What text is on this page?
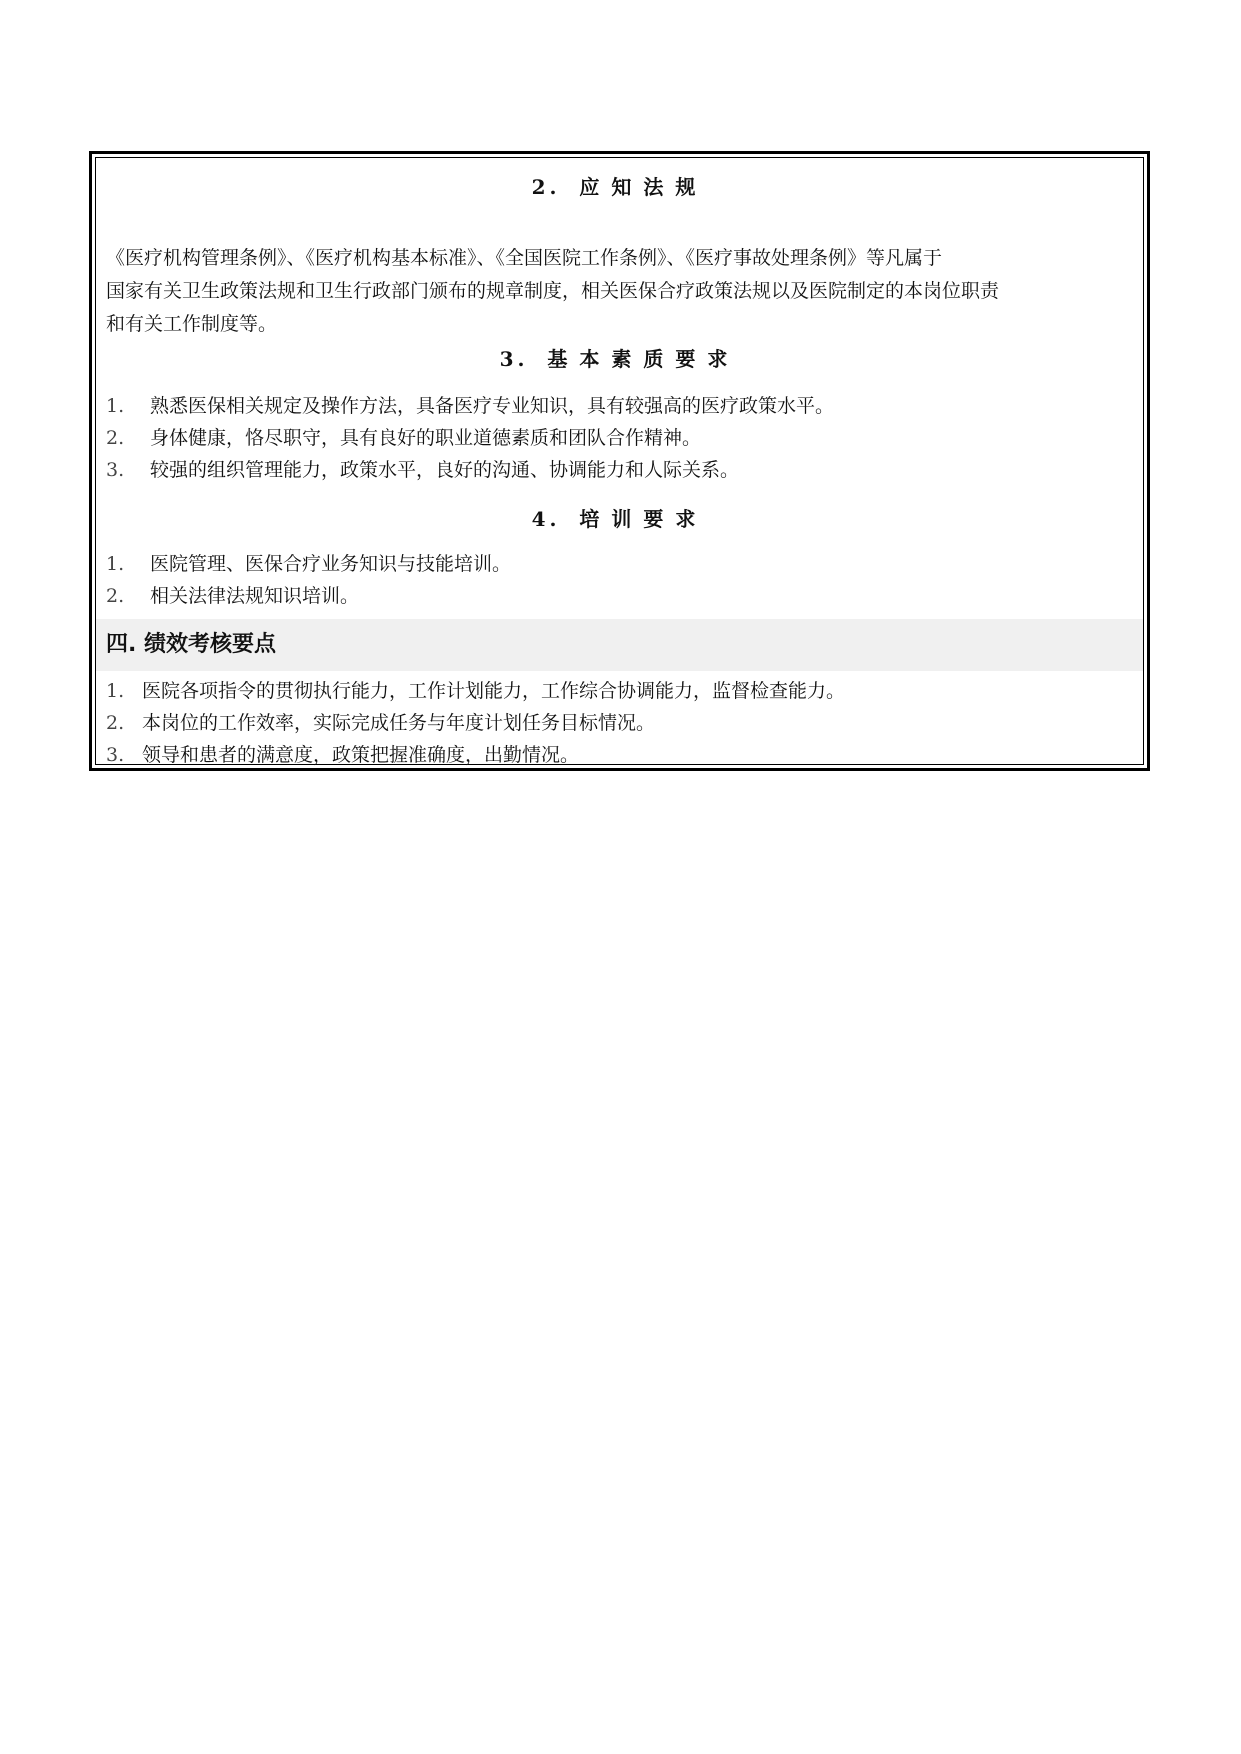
2. 应知法规
《医疗机构管理条例》、《医疗机构基本标准》、《全国医院工作条例》、《医疗事故处理条例》等凡属于
国家有关卫生政策法规和卫生行政部门颁布的规章制度，相关医保合疗政策法规以及医院制定的本岗位职责
和有关工作制度等。
3. 基本素质要求
1. 熟悉医保相关规定及操作方法，具备医疗专业知识，具有较强高的医疗政策水平。
2. 身体健康，恪尽职守，具有良好的职业道德素质和团队合作精神。
3. 较强的组织管理能力，政策水平，良好的沟通、协调能力和人际关系。
4. 培训要求
1. 医院管理、医保合疗业务知识与技能培训。
2. 相关法律法规知识培训。
四. 绩效考核要点
1. 医院各项指令的贯彻执行能力，工作计划能力，工作综合协调能力，监督检查能力。
2. 本岗位的工作效率，实际完成任务与年度计划任务目标情况。
3. 领导和患者的满意度，政策把握准确度，出勤情况。
